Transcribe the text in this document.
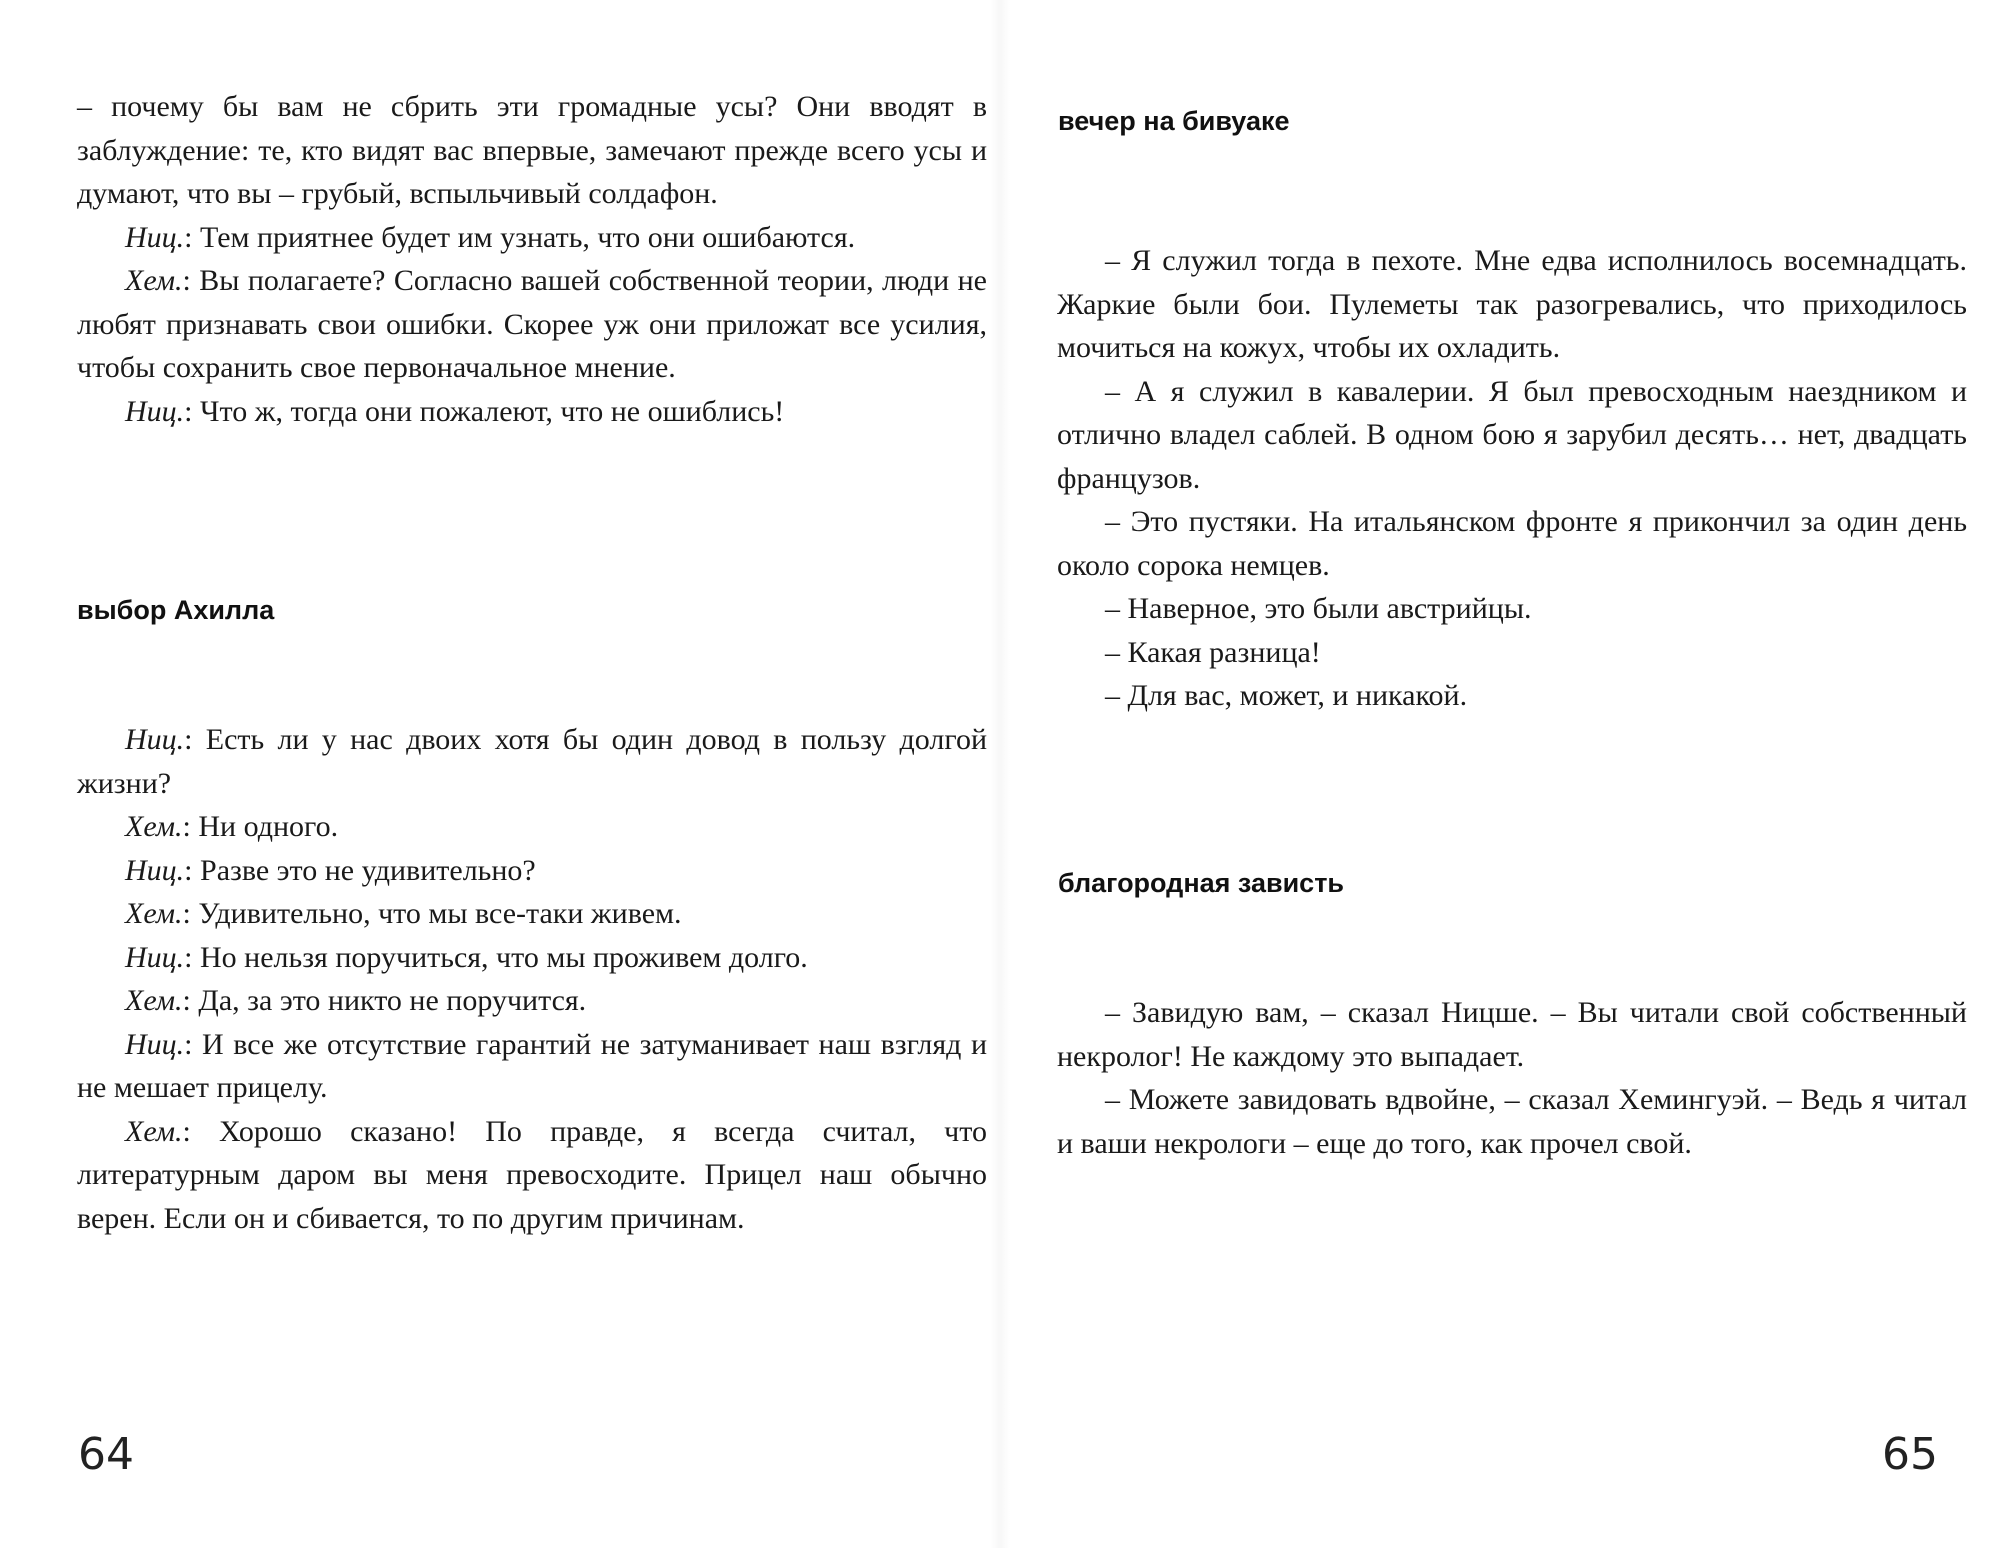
– почему бы вам не сбрить эти громадные усы? Они вводят в заблуждение: те, кто видят вас впервые, замечают прежде всего усы и думают, что вы – грубый, вспыльчивый солдафон.

Ниц.: Тем приятнее будет им узнать, что они ошибаются.

Хем.: Вы полагаете? Согласно вашей собственной теории, люди не любят признавать свои ошибки. Скорее уж они приложат все усилия, чтобы сохранить свое первоначальное мнение.

Ниц.: Что ж, тогда они пожалеют, что не ошиблись!

выбор Ахилла

Ниц.: Есть ли у нас двоих хотя бы один довод в пользу долгой жизни?

Хем.: Ни одного.

Ниц.: Разве это не удивительно?

Хем.: Удивительно, что мы все-таки живем.

Ниц.: Но нельзя поручиться, что мы проживем долго.

Хем.: Да, за это никто не поручится.

Ниц.: И все же отсутствие гарантий не затуманивает наш взгляд и не мешает прицелу.

Хем.: Хорошо сказано! По правде, я всегда считал, что литературным даром вы меня превосходите. Прицел наш обычно верен. Если он и сбивается, то по другим причинам.

64
вечер на бивуаке

– Я служил тогда в пехоте. Мне едва исполнилось восемнадцать. Жаркие были бои. Пулеметы так разогревались, что приходилось мочиться на кожух, чтобы их охладить.

– А я служил в кавалерии. Я был превосходным наездником и отлично владел саблей. В одном бою я зарубил десять… нет, двадцать французов.

– Это пустяки. На итальянском фронте я прикончил за один день около сорока немцев.

– Наверное, это были австрийцы.

– Какая разница!

– Для вас, может, и никакой.

благородная зависть

– Завидую вам, – сказал Ницше. – Вы читали свой собственный некролог! Не каждому это выпадает.

– Можете завидовать вдвойне, – сказал Хемингуэй. – Ведь я читал и ваши некрологи – еще до того, как прочел свой.

65
